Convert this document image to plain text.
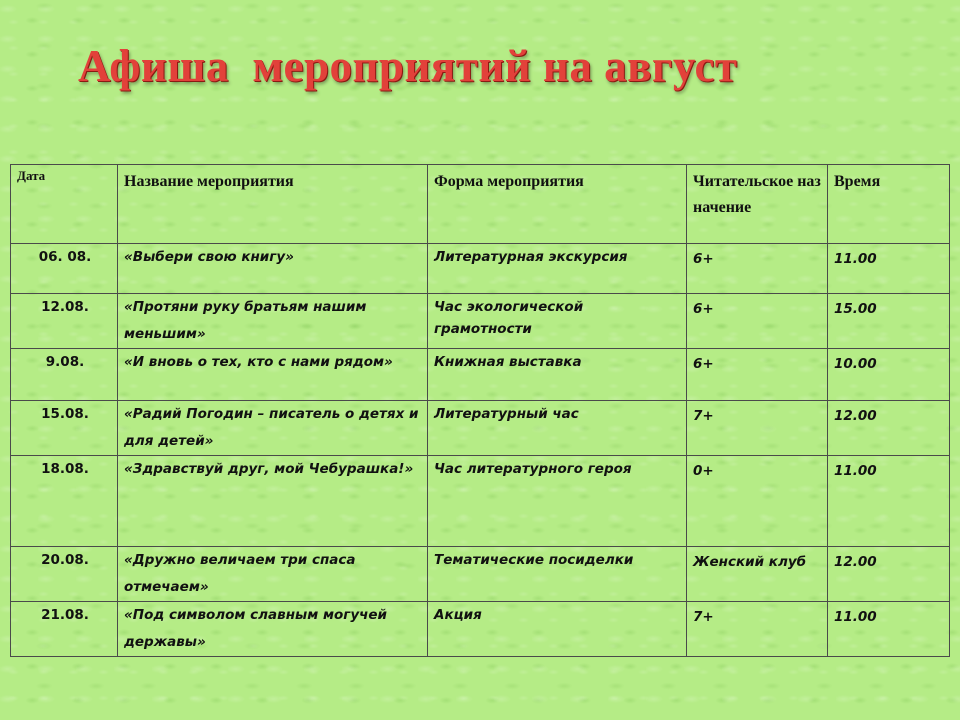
Афиша  мероприятий на август
Дата	Название мероприятия	Форма мероприятия	Читательское назначение	Время
06. 08.	«Выбери свою книгу»	Литературная экскурсия	6+	11.00
12.08.	«Протяни руку братьям нашим меньшим»	Час экологической грамотности	6+	15.00
9.08.	«И вновь о тех, кто с нами рядом»	Книжная выставка	6+	10.00
15.08.	«Радий Погодин – писатель о детях и для детей»	Литературный час	7+	12.00
18.08.	«Здравствуй друг, мой Чебурашка!»	Час литературного героя	0+	11.00
20.08.	«Дружно величаем три спаса отмечаем»	Тематические посиделки	Женский клуб	12.00
21.08.	«Под символом славным могучей державы»	Акция	7+	11.00
